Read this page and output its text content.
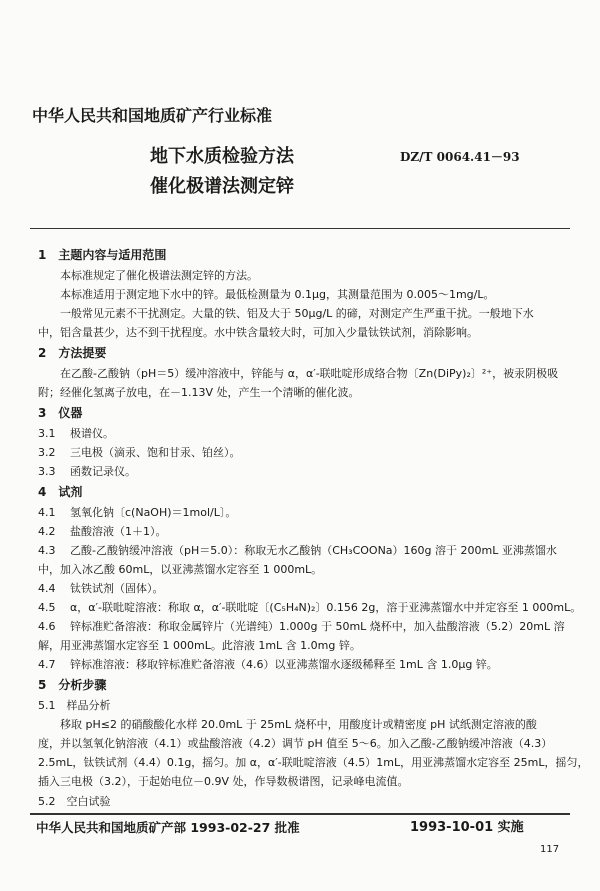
中华人民共和国地质矿产行业标准
地下水质检验方法
催化极谱法测定锌
DZ/T 0064.41－93
1　主题内容与适用范围
本标准规定了催化极谱法测定锌的方法。
本标准适用于测定地下水中的锌。最低检测量为 0.1μg，其测量范围为 0.005～1mg/L。
一般常见元素不干扰测定。大量的铁、铝及大于 50μg/L 的碲，对测定产生严重干扰。一般地下水
中，铝含量甚少，达不到干扰程度。水中铁含量较大时，可加入少量钛铁试剂，消除影响。
2　方法提要
在乙酸-乙酸钠（pH＝5）缓冲溶液中，锌能与 α，α′-联吡啶形成络合物〔Zn(DiPy)₂〕²⁺，被汞阴极吸
附；经催化氢离子放电，在－1.13V 处，产生一个清晰的催化波。
3　仪器
3.1 极谱仪。
3.2 三电极（滴汞、饱和甘汞、铂丝）。
3.3 函数记录仪。
4　试剂
4.1 氢氧化钠〔c(NaOH)＝1mol/L〕。
4.2 盐酸溶液（1＋1）。
4.3 乙酸-乙酸钠缓冲溶液（pH＝5.0）：称取无水乙酸钠（CH₃COONa）160g 溶于 200mL 亚沸蒸馏水
中，加入冰乙酸 60mL，以亚沸蒸馏水定容至 1 000mL。
4.4 钛铁试剂（固体）。
4.5 α，α′-联吡啶溶液：称取 α，α′-联吡啶〔(C₅H₄N)₂〕0.156 2g，溶于亚沸蒸馏水中并定容至 1 000mL。
4.6 锌标准贮备溶液：称取金属锌片（光谱纯）1.000g 于 50mL 烧杯中，加入盐酸溶液（5.2）20mL 溶
解，用亚沸蒸馏水定容至 1 000mL。此溶液 1mL 含 1.0mg 锌。
4.7 锌标准溶液：移取锌标准贮备溶液（4.6）以亚沸蒸馏水逐级稀释至 1mL 含 1.0μg 锌。
5　分析步骤
5.1　样品分析
移取 pH≤2 的硝酸酸化水样 20.0mL 于 25mL 烧杯中，用酸度计或精密度 pH 试纸测定溶液的酸
度，并以氢氧化钠溶液（4.1）或盐酸溶液（4.2）调节 pH 值至 5～6。加入乙酸-乙酸钠缓冲溶液（4.3）
2.5mL，钛铁试剂（4.4）0.1g，摇匀。加 α，α′-联吡啶溶液（4.5）1mL，用亚沸蒸馏水定容至 25mL，摇匀，
插入三电极（3.2），于起始电位－0.9V 处，作导数极谱图，记录峰电流值。
5.2　空白试验
中华人民共和国地质矿产部 1993-02-27 批准	1993-10-01 实施
117
